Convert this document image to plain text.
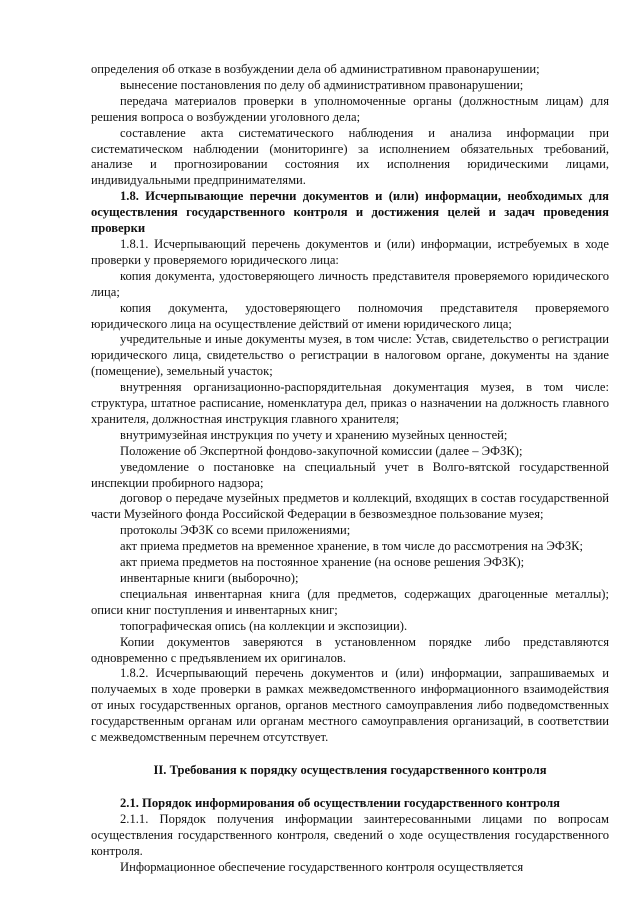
определения об отказе в возбуждении дела об административном правонарушении;

вынесение постановления по делу об административном правонарушении;

передача материалов проверки в уполномоченные органы (должностным лицам) для решения вопроса о возбуждении уголовного дела;

составление акта систематического наблюдения и анализа информации при систематическом наблюдении (мониторинге) за исполнением обязательных требований, анализе и прогнозировании состояния их исполнения юридическими лицами, индивидуальными предпринимателями.

1.8. Исчерпывающие перечни документов и (или) информации, необходимых для осуществления государственного контроля и достижения целей и задач проведения проверки

1.8.1. Исчерпывающий перечень документов и (или) информации, истребуемых в ходе проверки у проверяемого юридического лица:

копия документа, удостоверяющего личность представителя проверяемого юридического лица;

копия документа, удостоверяющего полномочия представителя проверяемого юридического лица на осуществление действий от имени юридического лица;

учредительные и иные документы музея, в том числе: Устав, свидетельство о регистрации юридического лица, свидетельство о регистрации в налоговом органе, документы на здание (помещение), земельный участок;

внутренняя организационно-распорядительная документация музея, в том числе: структура, штатное расписание, номенклатура дел, приказ о назначении на должность главного хранителя, должностная инструкция главного хранителя;

внутримузейная инструкция по учету и хранению музейных ценностей;

Положение об Экспертной фондово-закупочной комиссии (далее – ЭФЗК);

уведомление о постановке на специальный учет в Волго-вятской государственной инспекции пробирного надзора;

договор о передаче музейных предметов и коллекций, входящих в состав государственной части Музейного фонда Российской Федерации в безвозмездное пользование музея;

протоколы ЭФЗК со всеми приложениями;

акт приема предметов на временное хранение, в том числе до рассмотрения на ЭФЗК;

акт приема предметов на постоянное хранение (на основе решения ЭФЗК);

инвентарные книги (выборочно);

специальная инвентарная книга (для предметов, содержащих драгоценные металлы); описи книг поступления и инвентарных книг;

топографическая опись (на коллекции и экспозиции).

Копии документов заверяются в установленном порядке либо представляются одновременно с предъявлением их оригиналов.

1.8.2. Исчерпывающий перечень документов и (или) информации, запрашиваемых и получаемых в ходе проверки в рамках межведомственного информационного взаимодействия от иных государственных органов, органов местного самоуправления либо подведомственных государственным органам или органам местного самоуправления организаций, в соответствии с межведомственным перечнем отсутствует.

II. Требования к порядку осуществления государственного контроля

2.1. Порядок информирования об осуществлении государственного контроля

2.1.1. Порядок получения информации заинтересованными лицами по вопросам осуществления государственного контроля, сведений о ходе осуществления государственного контроля.

Информационное обеспечение государственного контроля осуществляется
